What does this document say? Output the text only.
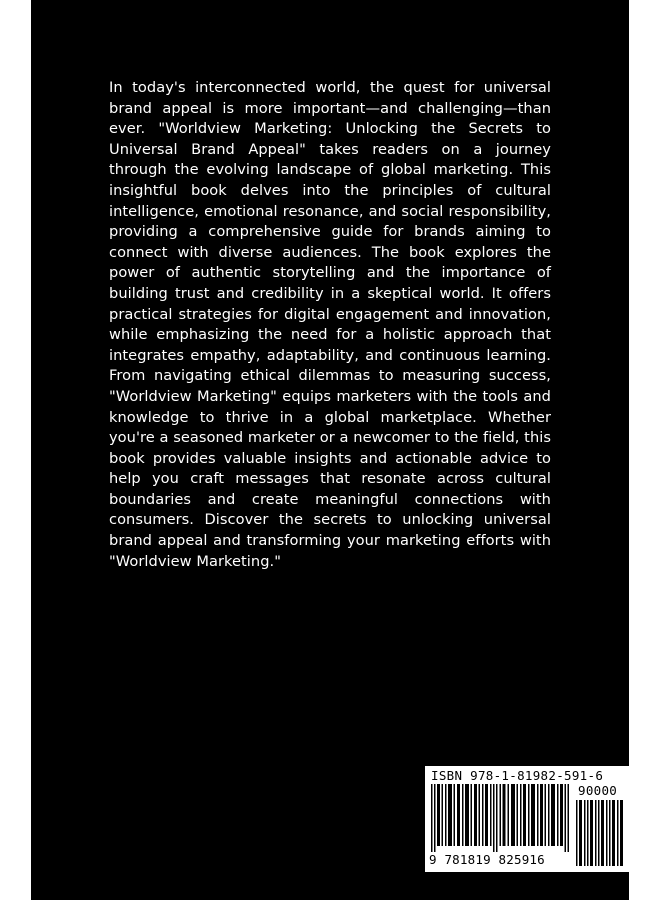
In today's interconnected world, the quest for universal brand appeal is more important—and challenging—than ever. "Worldview Marketing: Unlocking the Secrets to Universal Brand Appeal" takes readers on a journey through the evolving landscape of global marketing. This insightful book delves into the principles of cultural intelligence, emotional resonance, and social responsibility, providing a comprehensive guide for brands aiming to connect with diverse audiences. The book explores the power of authentic storytelling and the importance of building trust and credibility in a skeptical world. It offers practical strategies for digital engagement and innovation, while emphasizing the need for a holistic approach that integrates empathy, adaptability, and continuous learning. From navigating ethical dilemmas to measuring success, "Worldview Marketing" equips marketers with the tools and knowledge to thrive in a global marketplace. Whether you're a seasoned marketer or a newcomer to the field, this book provides valuable insights and actionable advice to help you craft messages that resonate across cultural boundaries and create meaningful connections with consumers. Discover the secrets to unlocking universal brand appeal and transforming your marketing efforts with "Worldview Marketing."

ISBN 978-1-81982-591-6
90000
9 781819 825916
